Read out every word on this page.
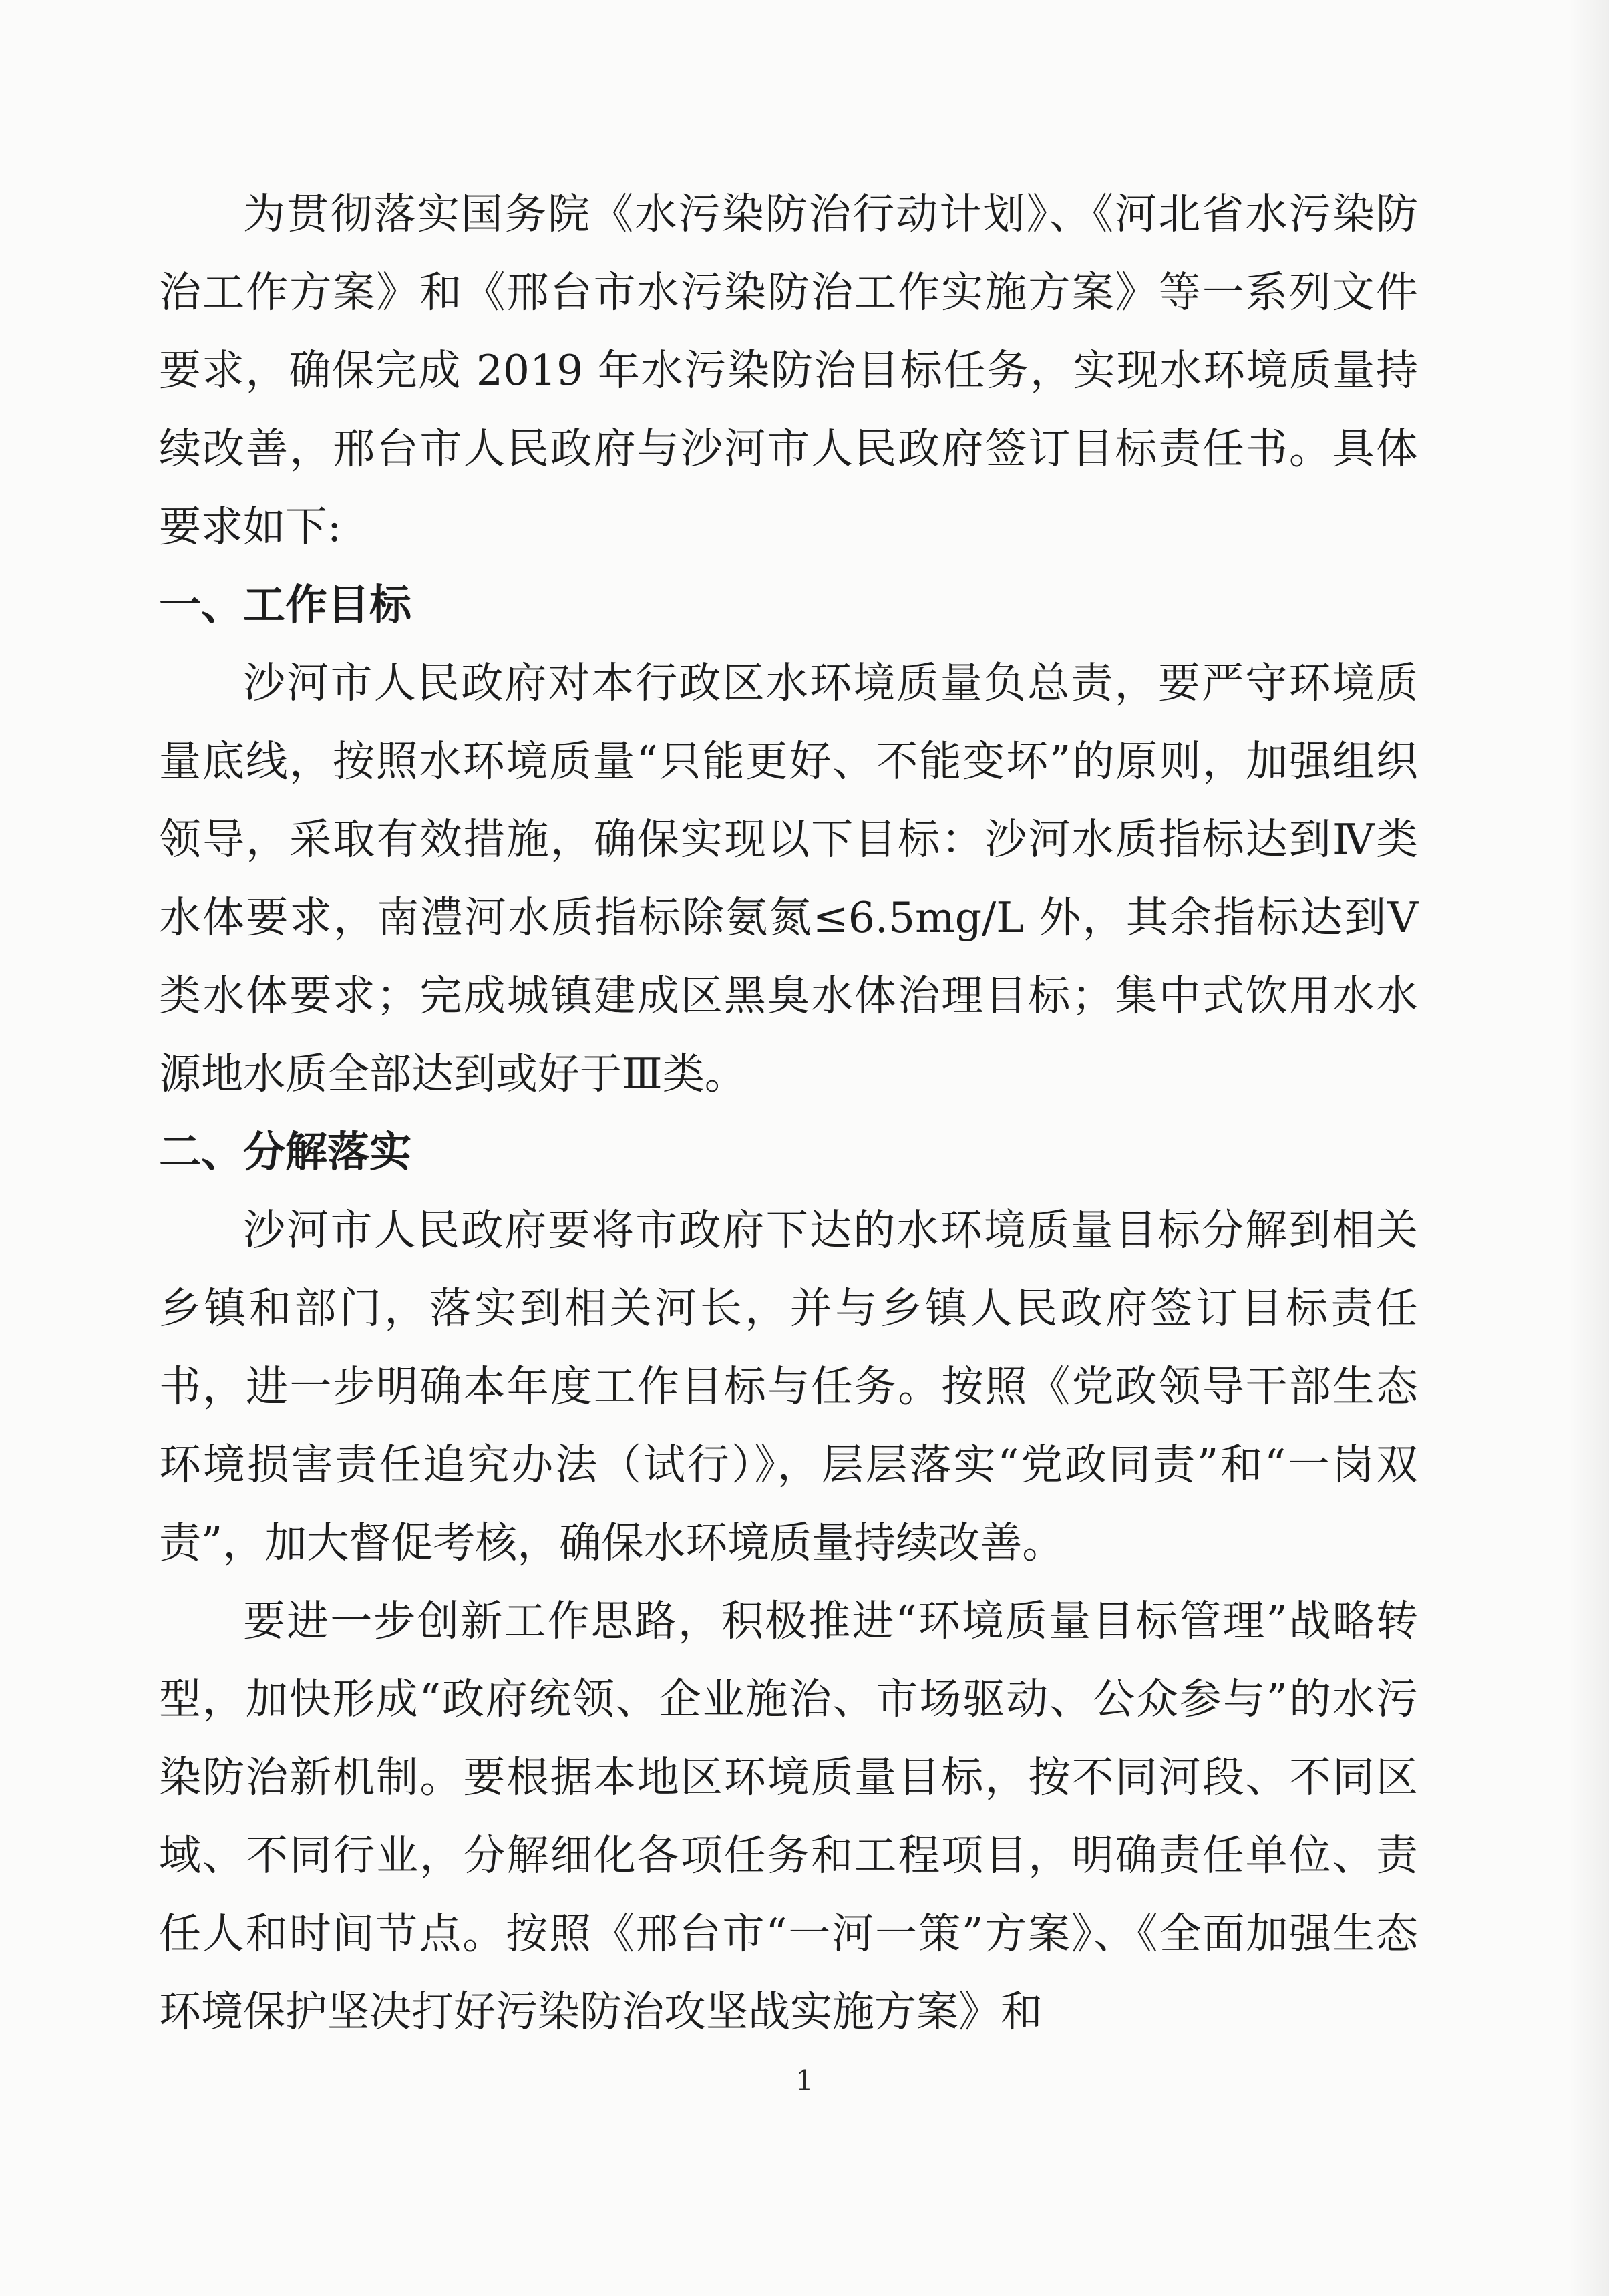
为贯彻落实国务院《水污染防治行动计划》、《河北省水污染防治工作方案》和《邢台市水污染防治工作实施方案》等一系列文件要求，确保完成 2019 年水污染防治目标任务，实现水环境质量持续改善，邢台市人民政府与沙河市人民政府签订目标责任书。具体要求如下:

一、工作目标

沙河市人民政府对本行政区水环境质量负总责，要严守环境质量底线，按照水环境质量“只能更好、不能变坏”的原则，加强组织领导，采取有效措施，确保实现以下目标：沙河水质指标达到Ⅳ类水体要求，南澧河水质指标除氨氮≤6.5mg/L 外，其余指标达到Ⅴ类水体要求；完成城镇建成区黑臭水体治理目标；集中式饮用水水源地水质全部达到或好于Ⅲ类。

二、分解落实

沙河市人民政府要将市政府下达的水环境质量目标分解到相关乡镇和部门，落实到相关河长，并与乡镇人民政府签订目标责任书，进一步明确本年度工作目标与任务。按照《党政领导干部生态环境损害责任追究办法（试行）》，层层落实“党政同责”和“一岗双责”，加大督促考核，确保水环境质量持续改善。

要进一步创新工作思路，积极推进“环境质量目标管理”战略转型，加快形成“政府统领、企业施治、市场驱动、公众参与”的水污染防治新机制。要根据本地区环境质量目标，按不同河段、不同区域、不同行业，分解细化各项任务和工程项目，明确责任单位、责任人和时间节点。按照《邢台市“一河一策”方案》、《全面加强生态环境保护坚决打好污染防治攻坚战实施方案》和

1
